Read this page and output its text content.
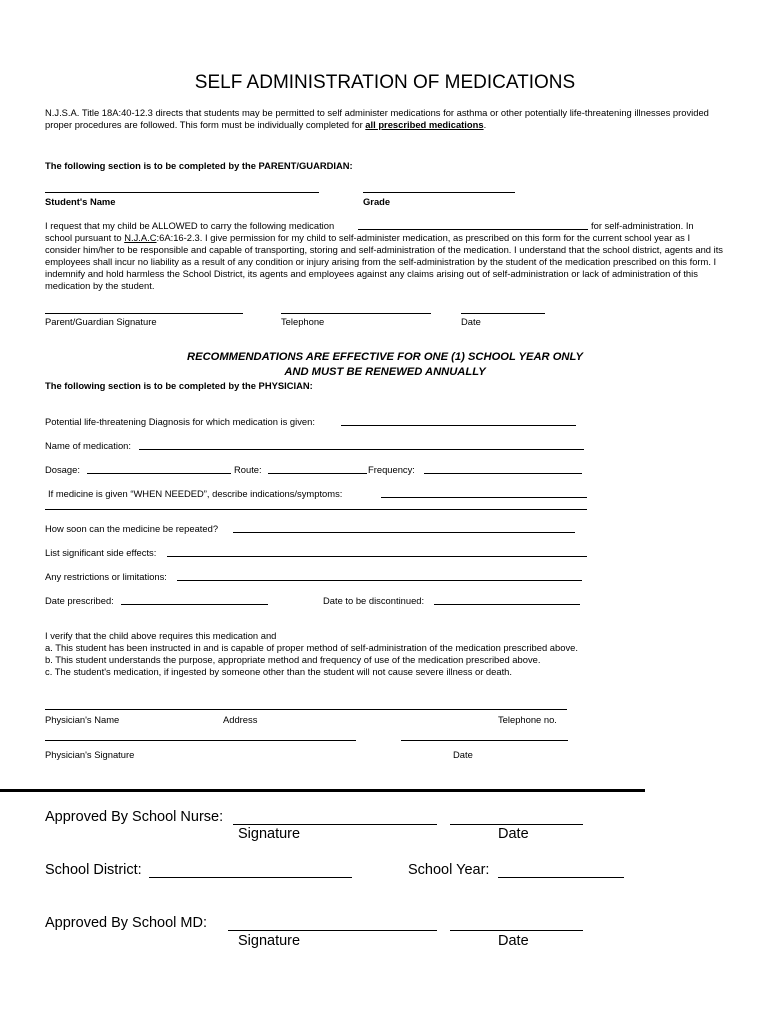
SELF ADMINISTRATION OF MEDICATIONS
N.J.S.A. Title 18A:40-12.3 directs that students may be permitted to self administer medications for asthma or other potentially life-threatening illnesses provided proper procedures are followed. This form must be individually completed for all prescribed medications.
The following section is to be completed by the PARENT/GUARDIAN:
Student's Name	Grade
I request that my child be ALLOWED to carry the following medication	for self-administration. In
school pursuant to N.J.A.C:6A:16-2.3. I give permission for my child to self-administer medication, as prescribed on this form for the current school year as I consider him/her to be responsible and capable of transporting, storing and self-administration of the medication. I understand that the school district, agents and its employees shall incur no liability as a result of any condition or injury arising from the self-administration by the student of the medication prescribed on this form. I indemnify and hold harmless the School District, its agents and employees against any claims arising out of self-administration or lack of administration of this medication by the student.
Parent/Guardian Signature	Telephone	Date
RECOMMENDATIONS ARE EFFECTIVE FOR ONE (1) SCHOOL YEAR ONLY
AND MUST BE RENEWED ANNUALLY
The following section is to be completed by the PHYSICIAN:
Potential life-threatening Diagnosis for which medication is given:
Name of medication:
Dosage:	Route:	Frequency:
If medicine is given “WHEN NEEDED”, describe indications/symptoms:
How soon can the medicine be repeated?
List significant side effects:
Any restrictions or limitations:
Date prescribed:	Date to be discontinued:
I verify that the child above requires this medication and
a. This student has been instructed in and is capable of proper method of self-administration of the medication prescribed above.
b. This student understands the purpose, appropriate method and frequency of use of the medication prescribed above.
c. The student's medication, if ingested by someone other than the student will not cause severe illness or death.
Physician's Name	Address	Telephone no.
Physician's Signature	Date
Approved By School Nurse:
Signature	Date
School District:	School Year:
Approved By School MD:
Signature	Date
